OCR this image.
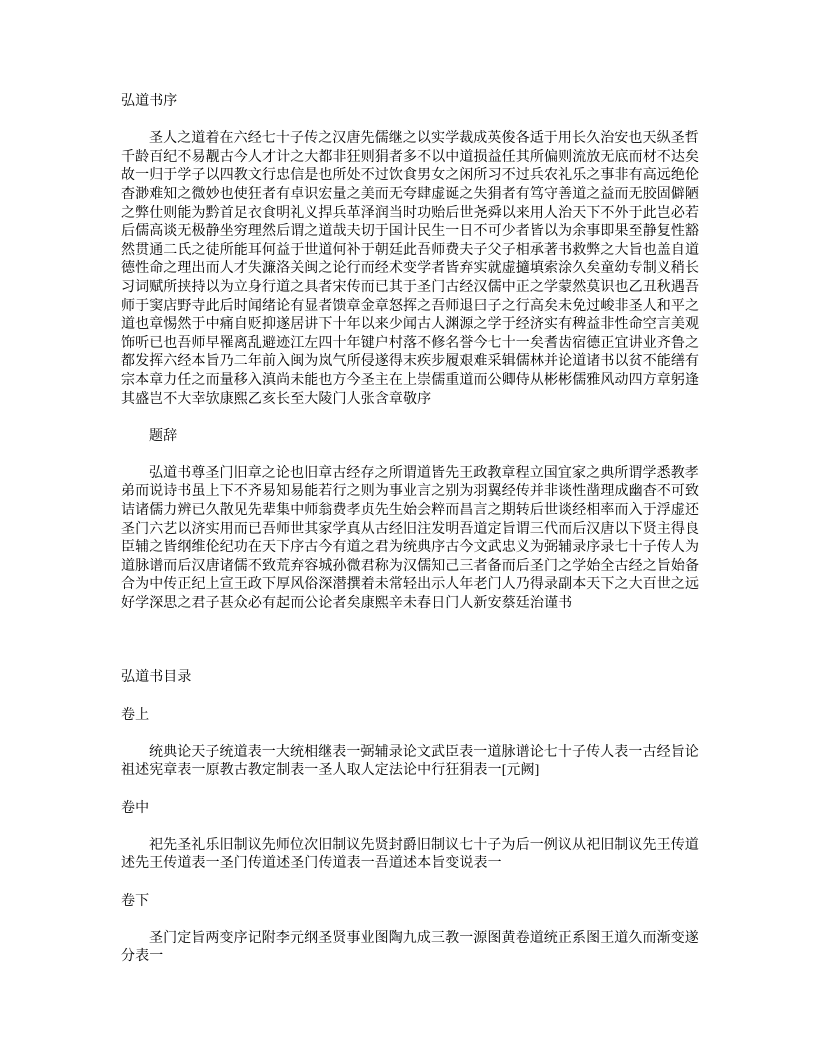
弘道书序
圣人之道着在六经七十子传之汉唐先儒继之以实学裁成英俊各适于用长久治安也天纵圣哲
千龄百纪不易觏古今人才计之大都非狂则狷者多不以中道损益任其所偏则流放无底而材不达矣
故一归于学子以四教文行忠信是也所处不过饮食男女之闲所习不过兵农礼乐之事非有高远绝伦
杳渺难知之微妙也使狂者有卓识宏量之美而无夸肆虚诞之失狷者有笃守善道之益而无胶固僻陋
之弊仕则能为黔首足衣食明礼义捍兵革泽润当时功贻后世尧舜以来用人治天下不外于此岂必若
后儒高谈无极静坐穷理然后谓之道哉夫切于国计民生一日不可少者皆以为余事即果至静复性豁
然贯通二氏之徒所能耳何益于世道何补于朝廷此吾师费夫子父子相承著书救弊之大旨也盖自道
德性命之理出而人才失濂洛关闽之论行而经术变学者皆弃实就虚擿填索涂久矣童幼专制义稍长
习词赋所挟持以为立身行道之具者宋传而已其于圣门古经汉儒中正之学蒙然莫识也乙丑秋遇吾
师于窦店野寺此后时闻绪论有显者馈章金章怒挥之吾师退曰子之行高矣未免过峻非圣人和平之
道也章惕然于中痛自贬抑遂居讲下十年以来少闻古人渊源之学于经济实有稗益非性命空言美观
饰听已也吾师早罹离乱避迹江左四十年键户村落不修名誉今七十一矣耆齿宿德正宜讲业齐鲁之
都发挥六经本旨乃二年前入闽为岚气所侵遂得末疾步履艰难采辑儒林并论道诸书以贫不能缮有
宗本章力任之而量移入滇尚未能也方今圣主在上崇儒重道而公卿侍从彬彬儒雅风动四方章躬逢
其盛岂不大幸欤康熙乙亥长至大陵门人张含章敬序
题辞
弘道书尊圣门旧章之论也旧章古经存之所谓道皆先王政教章程立国宜家之典所谓学悉教孝
弟而说诗书虽上下不齐易知易能若行之则为事业言之别为羽翼经传并非谈性凿理成幽杳不可致
诘诸儒力辨已久散见先辈集中师翁费孝贞先生始会粹而昌言之期转后世谈经相率而入于浮虚还
圣门六艺以济实用而已吾师世其家学真从古经旧注发明吾道定旨谓三代而后汉唐以下贤主得良
臣辅之皆纲维伦纪功在天下序古今有道之君为统典序古今文武忠义为弼辅录序录七十子传人为
道脉谱而后汉唐诸儒不致荒弃容城孙微君称为汉儒知己三者备而后圣门之学始全古经之旨始备
合为中传正纪上宣王政下厚风俗深潜撰着未常轻出示人年老门人乃得录副本天下之大百世之远
好学深思之君子甚众必有起而公论者矣康熙辛未春日门人新安蔡廷治谨书
弘道书目录
卷上
统典论天子统道表一大统相继表一弼辅录论文武臣表一道脉谱论七十子传人表一古经旨论
祖述宪章表一原教古教定制表一圣人取人定法论中行狂狷表一[元阙]
卷中
祀先圣礼乐旧制议先师位次旧制议先贤封爵旧制议七十子为后一例议从祀旧制议先王传道
述先王传道表一圣门传道述圣门传道表一吾道述本旨变说表一
卷下
圣门定旨两变序记附李元纲圣贤事业图陶九成三教一源图黄卷道统正系图王道久而渐变遂
分表一
